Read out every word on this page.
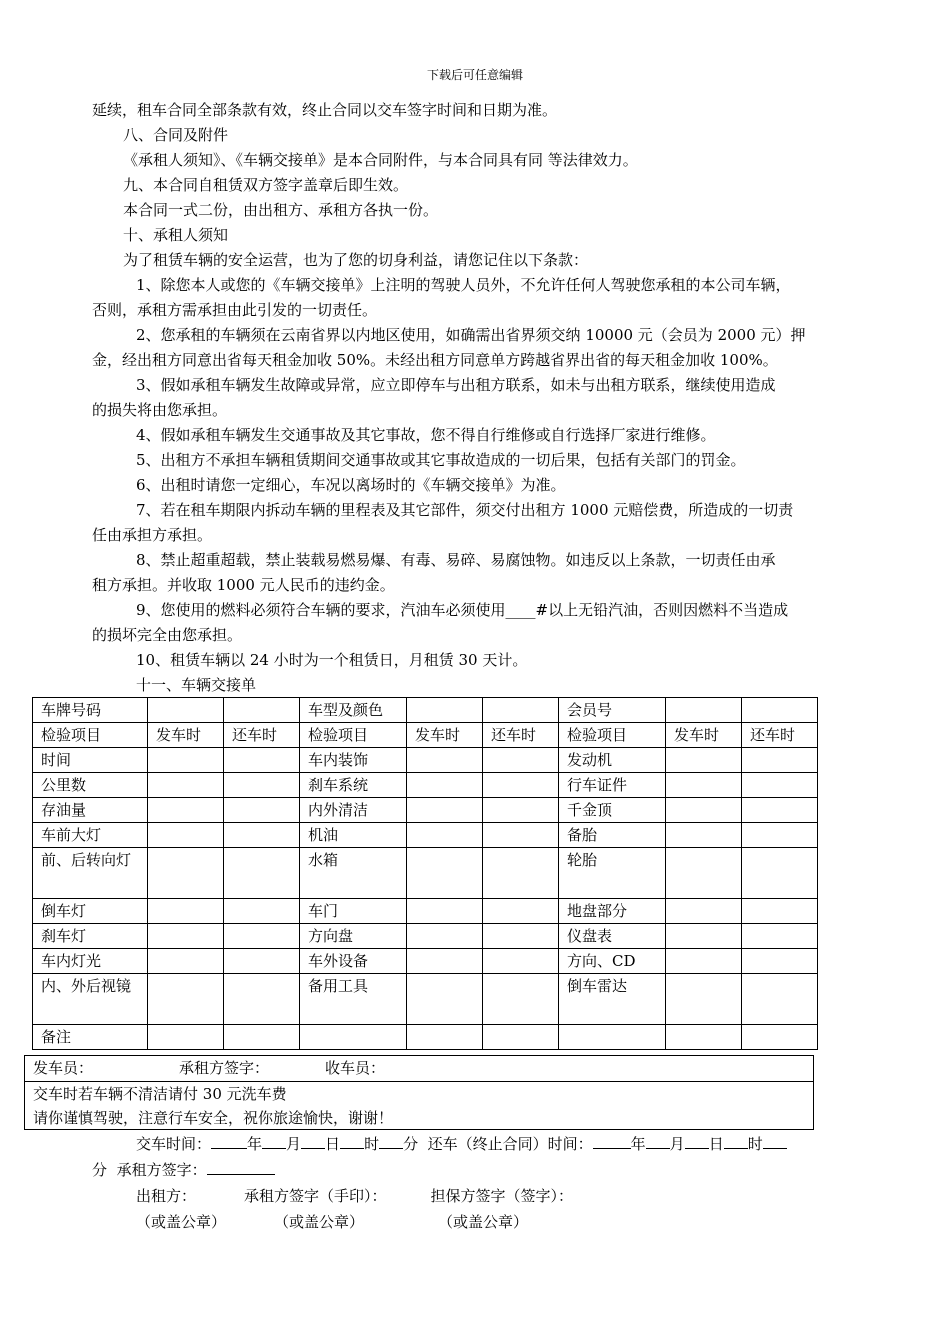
下载后可任意编辑
延续，租车合同全部条款有效，终止合同以交车签字时间和日期为准。
八、合同及附件
《承租人须知》、《车辆交接单》是本合同附件，与本合同具有同 等法律效力。
九、本合同自租赁双方签字盖章后即生效。
本合同一式二份，由出租方、承租方各执一份。
十、承租人须知
为了租赁车辆的安全运营，也为了您的切身利益，请您记住以下条款：
1、除您本人或您的《车辆交接单》上注明的驾驶人员外，不允许任何人驾驶您承租的本公司车辆，
否则，承租方需承担由此引发的一切责任。
2、您承租的车辆须在云南省界以内地区使用，如确需出省界须交纳 10000 元（会员为 2000 元）押
金，经出租方同意出省每天租金加收 50%。未经出租方同意单方跨越省界出省的每天租金加收 100%。
3、假如承租车辆发生故障或异常，应立即停车与出租方联系，如未与出租方联系，继续使用造成
的损失将由您承担。
4、假如承租车辆发生交通事故及其它事故，您不得自行维修或自行选择厂家进行维修。
5、出租方不承担车辆租赁期间交通事故或其它事故造成的一切后果，包括有关部门的罚金。
6、出租时请您一定细心，车况以离场时的《车辆交接单》为准。
7、若在租车期限内拆动车辆的里程表及其它部件，须交付出租方 1000 元赔偿费，所造成的一切责
任由承担方承担。
8、禁止超重超载，禁止装载易燃易爆、有毒、易碎、易腐蚀物。如违反以上条款，一切责任由承
租方承担。并收取 1000 元人民币的违约金。
9、您使用的燃料必须符合车辆的要求，汽油车必须使用____#以上无铅汽油，否则因燃料不当造成
的损坏完全由您承担。
10、租赁车辆以 24 小时为一个租赁日，月租赁 30 天计。
十一、车辆交接单
车牌号码			车型及颜色			会员号		
检验项目	发车时	还车时	检验项目	发车时	还车时	检验项目	发车时	还车时
时间			车内装饰			发动机		
公里数			刹车系统			行车证件		
存油量			内外清洁			千金顶		
车前大灯			机油			备胎		
前、后转向灯			水箱			轮胎		
倒车灯			车门			地盘部分		
刹车灯			方向盘			仪盘表		
车内灯光			车外设备			方向、CD		
内、外后视镜			备用工具			倒车雷达		
备注								
发车员：	承租方签字：	收车员：
交车时若车辆不清洁请付 30 元洗车费
请你谨慎驾驶，注意行车安全，祝你旅途愉快，谢谢！
交车时间： 年 月 日 时 分 还车（终止合同）时间：	年 月 日 时
分 承租方签字：
出租方：	承租方签字（手印）：	担保方签字（签字）：
（或盖公章）	（或盖公章）	（或盖公章）
